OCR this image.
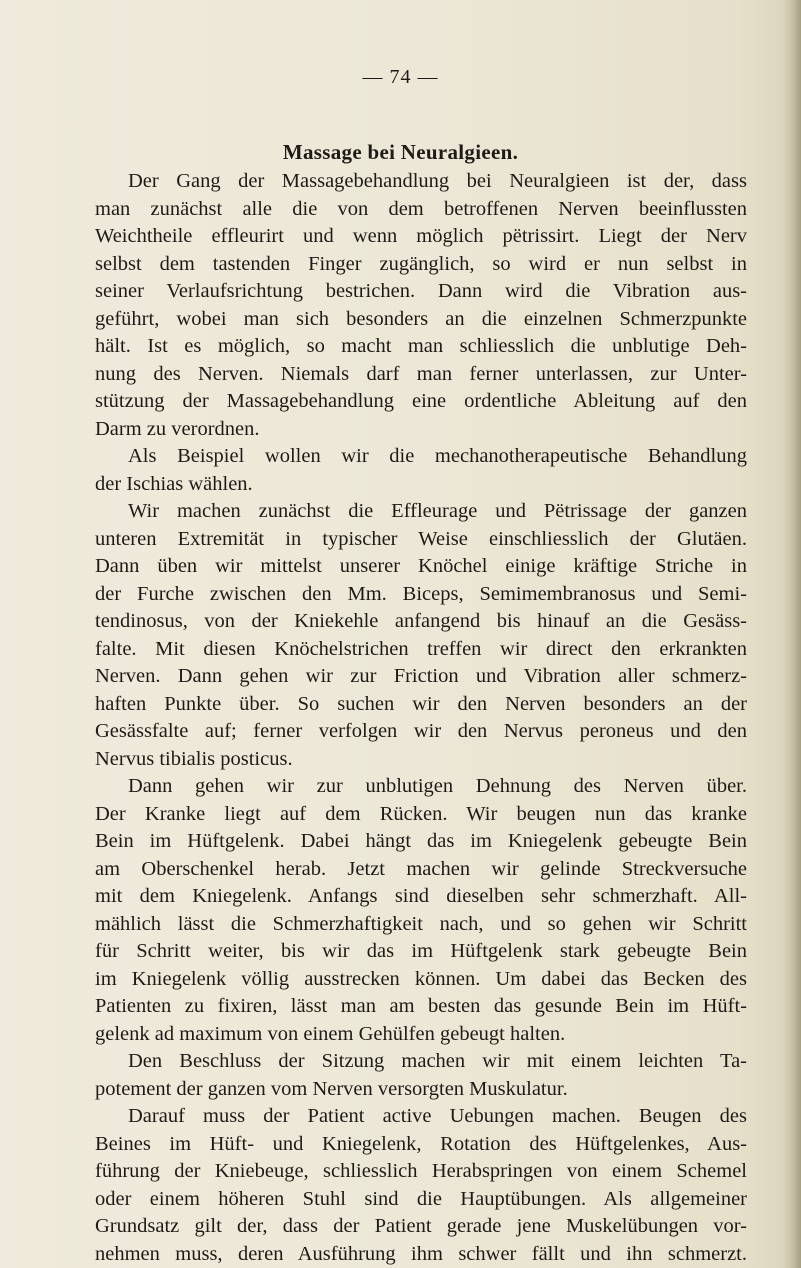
— 74 —
Massage bei Neuralgieen.
Der Gang der Massagebehandlung bei Neuralgieen ist der, dass
man zunächst alle die von dem betroffenen Nerven beeinflussten
Weichtheile effleurirt und wenn möglich pëtrissirt. Liegt der Nerv
selbst dem tastenden Finger zugänglich, so wird er nun selbst in
seiner Verlaufsrichtung bestrichen. Dann wird die Vibration aus-
geführt, wobei man sich besonders an die einzelnen Schmerzpunkte
hält. Ist es möglich, so macht man schliesslich die unblutige Deh-
nung des Nerven. Niemals darf man ferner unterlassen, zur Unter-
stützung der Massagebehandlung eine ordentliche Ableitung auf den
Darm zu verordnen.
Als Beispiel wollen wir die mechanotherapeutische Behandlung
der Ischias wählen.
Wir machen zunächst die Effleurage und Pëtrissage der ganzen
unteren Extremität in typischer Weise einschliesslich der Glutäen.
Dann üben wir mittelst unserer Knöchel einige kräftige Striche in
der Furche zwischen den Mm. Biceps, Semimembranosus und Semi-
tendinosus, von der Kniekehle anfangend bis hinauf an die Gesäss-
falte. Mit diesen Knöchelstrichen treffen wir direct den erkrankten
Nerven. Dann gehen wir zur Friction und Vibration aller schmerz-
haften Punkte über. So suchen wir den Nerven besonders an der
Gesässfalte auf; ferner verfolgen wir den Nervus peroneus und den
Nervus tibialis posticus.
Dann gehen wir zur unblutigen Dehnung des Nerven über.
Der Kranke liegt auf dem Rücken. Wir beugen nun das kranke
Bein im Hüftgelenk. Dabei hängt das im Kniegelenk gebeugte Bein
am Oberschenkel herab. Jetzt machen wir gelinde Streckversuche
mit dem Kniegelenk. Anfangs sind dieselben sehr schmerzhaft. All-
mählich lässt die Schmerzhaftigkeit nach, und so gehen wir Schritt
für Schritt weiter, bis wir das im Hüftgelenk stark gebeugte Bein
im Kniegelenk völlig ausstrecken können. Um dabei das Becken des
Patienten zu fixiren, lässt man am besten das gesunde Bein im Hüft-
gelenk ad maximum von einem Gehülfen gebeugt halten.
Den Beschluss der Sitzung machen wir mit einem leichten Ta-
potement der ganzen vom Nerven versorgten Muskulatur.
Darauf muss der Patient active Uebungen machen. Beugen des
Beines im Hüft- und Kniegelenk, Rotation des Hüftgelenkes, Aus-
führung der Kniebeuge, schliesslich Herabspringen von einem Schemel
oder einem höheren Stuhl sind die Hauptübungen. Als allgemeiner
Grundsatz gilt der, dass der Patient gerade jene Muskelübungen vor-
nehmen muss, deren Ausführung ihm schwer fällt und ihn schmerzt.
